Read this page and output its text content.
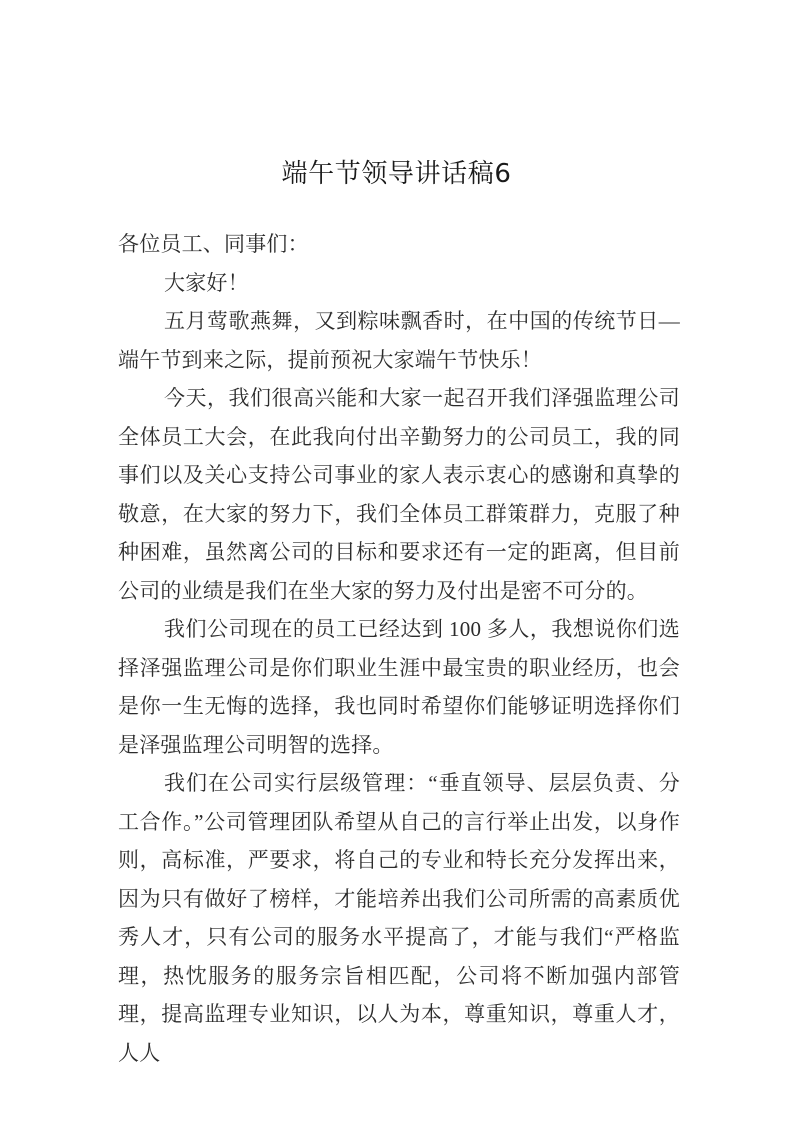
端午节领导讲话稿6

各位员工、同事们：

大家好！

五月莺歌燕舞，又到粽味飘香时，在中国的传统节日—端午节到来之际，提前预祝大家端午节快乐！

今天，我们很高兴能和大家一起召开我们泽强监理公司全体员工大会，在此我向付出辛勤努力的公司员工，我的同事们以及关心支持公司事业的家人表示衷心的感谢和真挚的敬意，在大家的努力下，我们全体员工群策群力，克服了种种困难，虽然离公司的目标和要求还有一定的距离，但目前公司的业绩是我们在坐大家的努力及付出是密不可分的。

我们公司现在的员工已经达到 100 多人，我想说你们选择泽强监理公司是你们职业生涯中最宝贵的职业经历，也会是你一生无悔的选择，我也同时希望你们能够证明选择你们是泽强监理公司明智的选择。

我们在公司实行层级管理：“垂直领导、层层负责、分工合作。”公司管理团队希望从自己的言行举止出发，以身作则，高标准，严要求，将自己的专业和特长充分发挥出来，因为只有做好了榜样，才能培养出我们公司所需的高素质优秀人才，只有公司的服务水平提高了，才能与我们“严格监理，热忱服务的服务宗旨相匹配，公司将不断加强内部管理，提高监理专业知识，以人为本，尊重知识，尊重人才，人人
